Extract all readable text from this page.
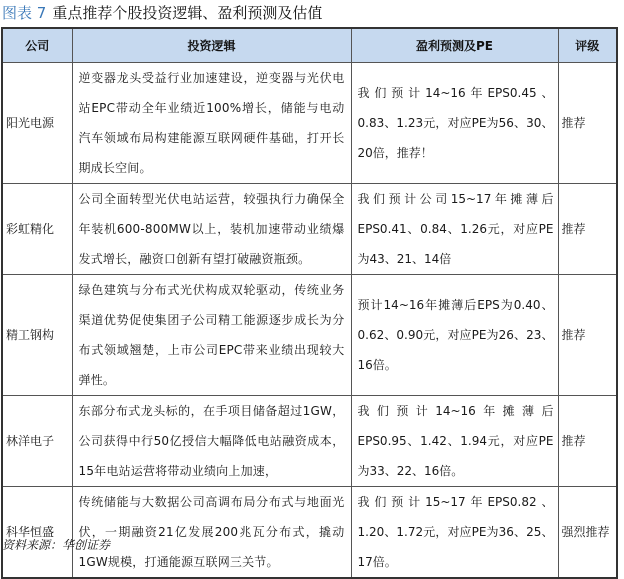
图表 7 重点推荐个股投资逻辑、盈利预测及估值
公司	投资逻辑	盈利预测及PE	评级
阳光电源	逆变器龙头受益行业加速建设，逆变器与光伏电站EPC带动全年业绩近100%增长，储能与电动汽车领域布局构建能源互联网硬件基础，打开长期成长空间。	我们预计14~16年EPS0.45、0.83、1.23元，对应PE为56、30、20倍，推荐！	推荐
彩虹精化	公司全面转型光伏电站运营，较强执行力确保全年装机600-800MW以上，装机加速带动业绩爆发式增长，融资口创新有望打破融资瓶颈。	我们预计公司15~17年摊薄后EPS0.41、0.84、1.26元，对应PE为43、21、14倍	推荐
精工钢构	绿色建筑与分布式光伏构成双轮驱动，传统业务渠道优势促使集团子公司精工能源逐步成长为分布式领域翘楚，上市公司EPC带来业绩出现较大弹性。	预计14~16年摊薄后EPS为0.40、0.62、0.90元，对应PE为26、23、16倍。	推荐
林洋电子	东部分布式龙头标的，在手项目储备超过1GW，公司获得中行50亿授信大幅降低电站融资成本，15年电站运营将带动业绩向上加速，	我们预计14~16年摊薄后EPS0.95、1.42、1.94元，对应PE为33、22、16倍。	推荐
科华恒盛	传统储能与大数据公司高调布局分布式与地面光伏，一期融资21亿发展200兆瓦分布式，撬动1GW规模，打通能源互联网三关节。	我们预计15~17年EPS0.82、1.20、1.72元，对应PE为36、25、17倍。	强烈推荐
资料来源：华创证券
